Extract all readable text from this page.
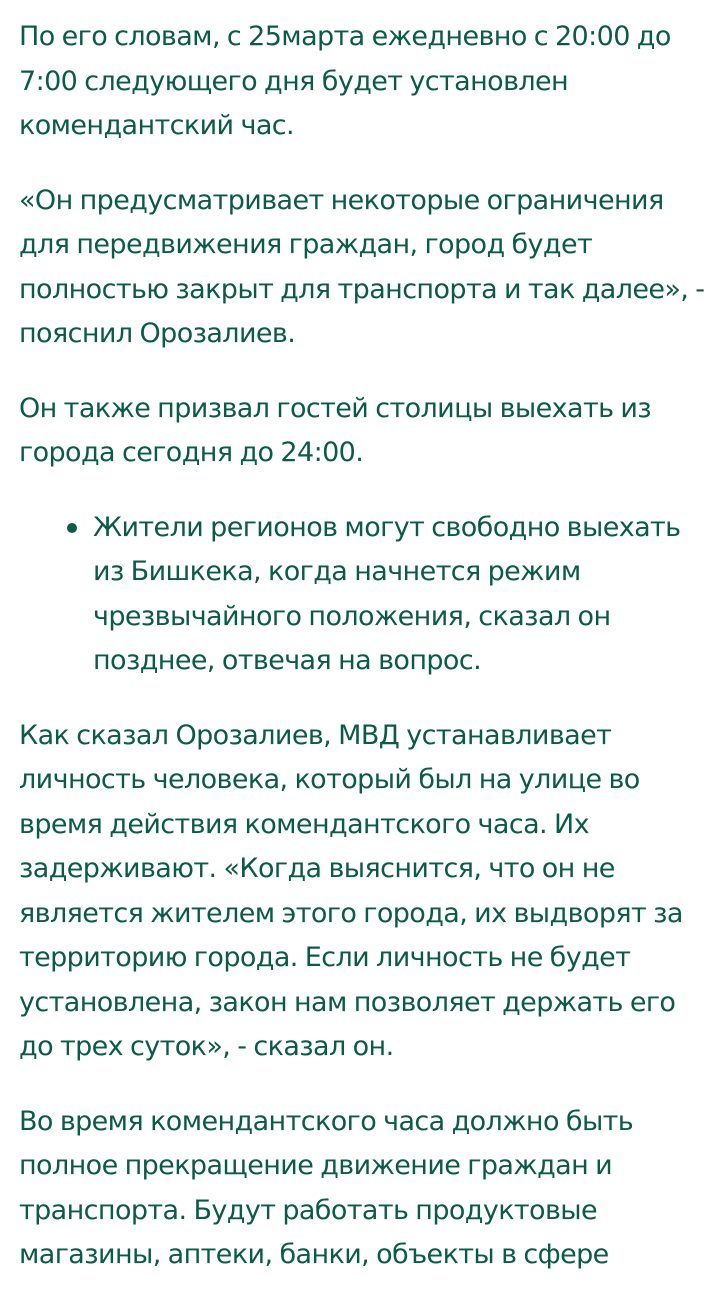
По его словам, с 25марта ежедневно с 20:00 до 7:00 следующего дня будет установлен комендантский час.

«Он предусматривает некоторые ограничения для передвижения граждан, город будет полностью закрыт для транспорта и так далее», - пояснил Орозалиев.

Он также призвал гостей столицы выехать из города сегодня до 24:00.

Жители регионов могут свободно выехать из Бишкека, когда начнется режим чрезвычайного положения, сказал он позднее, отвечая на вопрос.

Как сказал Орозалиев, МВД устанавливает личность человека, который был на улице во время действия комендантского часа. Их задерживают. «Когда выяснится, что он не является жителем этого города, их выдворят за территорию города. Если личность не будет установлена, закон нам позволяет держать его до трех суток», - сказал он.

Во время комендантского часа должно быть полное прекращение движение граждан и транспорта. Будут работать продуктовые магазины, аптеки, банки, объекты в сфере
